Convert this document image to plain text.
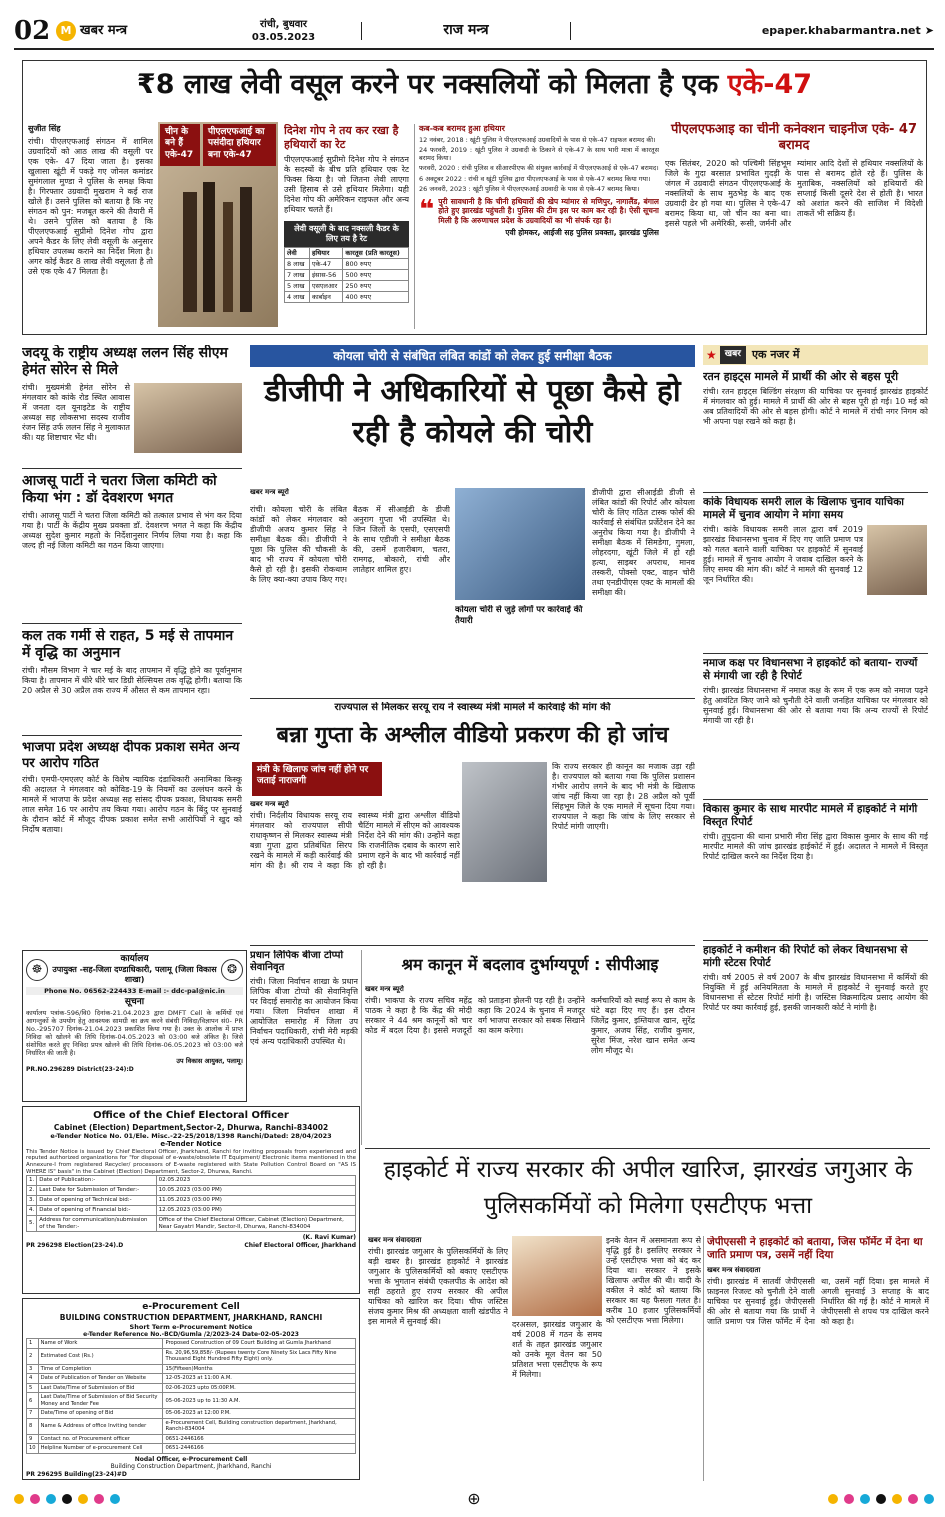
02 M खबर मन्त्र	रांची, बुधवार
03.05.2023	राज मन्त्र	epaper.khabarmantra.net ➤
₹8 लाख लेवी वसूल करने पर नक्सलियों को मिलता है एक एके-47
सुजीत सिंह
रांची। पीएलएफआई संगठन में शामिल उग्रवादियों को आठ लाख की वसूली पर एक एके- 47 दिया जाता है। इसका खुलासा खूंटी में पकड़े गए जोनल कमांडर सुमंगलाल मुण्डा ने पुलिस के समक्ष किया है। गिरफ्तार उग्रवादी मुखराम ने कई राज खोले हैं। उसने पुलिस को बताया है कि नए संगठन को पुन: मजबूत करने की तैयारी में थे। उसने पुलिस को बताया है कि पीएलएफआई सुप्रीमो दिनेश गोप द्वारा अपने कैडर के लिए लेवी वसूली के अनुसार हथियार उपलब्ध कराने का निर्देश मिला है। अगर कोई कैडर 8 लाख लेवी वसूलता है तो उसे एक एके 47 मिलता है।
चीन के बने हैं एके-47
पीएलएफआई का पसंदीदा हथियार बना एके-47
दिनेश गोप ने तय कर रखा है हथियारों का रेट
पीएलएफआई सुप्रीमो दिनेश गोप ने संगठन के सदस्यों के बीच प्रति हथियार एक रेट फिक्स किया है। जो जितना लेवी लाएगा उसी हिसाब से उसे हथियार मिलेगा। यही दिनेश गोप की अमेरिकन राइफल और अन्य हथियार चलते हैं।
लेवी वसूली के बाद नक्सली कैडर के लिए तय है रेट
लेवी	हथियार	कारतूस (प्रति कारतूस)
8 लाख	एके-47	800 रुपए
7 लाख	इंसास-56	500 रुपए
5 लाख	एसएलआर	250 रुपए
4 लाख	कार्बाइन	400 रुपए
कब-कब बरामद हुआ हथियार
12 नवंबर, 2018 : खूंटी पुलिस ने पीएलएफआई उग्रवादियों के पास से एके-47 राइफल बरामद की।
24 फरवरी, 2019 : खूंटी पुलिस ने उग्रवादी के ठिकाने से एके-47 के साथ भारी मात्रा में कारतूस बरामद किया।
फरवरी, 2020 : रांची पुलिस व सीआरपीएफ की संयुक्त कार्रवाई में पीएलएफआई से एके-47 बरामद।
6 अक्टूबर 2022 : रांची व खूंटी पुलिस द्वारा पीएलएफआई के पास से एके-47 बरामद किया गया।
26 जनवरी, 2023 : खूंटी पुलिस ने पीएलएफआई उग्रवादी के पास से एके-47 बरामद किया।
❝ पुरी सावधानी है कि चीनी हथियारों की खेप म्यांमार से मणिपुर, नागालैंड, बंगाल होते हुए झारखंड पहुंचती है। पुलिस की टीम इस पर काम कर रही है। ऐसी सूचना मिली है कि अरुणाचल प्रदेश के उग्रवादियों का भी संपर्क रहा है।
एवी होमकर, आईजी सह पुलिस प्रवक्ता, झारखंड पुलिस
पीएलएफआइ का चीनी कनेक्शन चाइनीज एके- 47 बरामद
एक सितंबर, 2020 को पश्चिमी सिंहभूम जिले के गुदा बरसात प्रभावित गुदड़ी के जंगल में उग्रवादी संगठन पीएलएफआई के नक्सलियों के साथ मुठभेड़ के बाद एक उग्रवादी ढेर हो गया था। पुलिस ने एके-47 बरामद किया था, जो चीन का बना था। इससे पहले भी अमेरिकी, रूसी, जर्मनी और म्यांमार आदि देशों से हथियार नक्सलियों के पास से बरामद होते रहे हैं। पुलिस के मुताबिक, नक्सलियों को हथियारों की सप्लाई किसी दूसरे देश से होती है। भारत को अशांत करने की साजिश में विदेशी ताकतें भी सक्रिय हैं।
जदयू के राष्ट्रीय अध्यक्ष ललन सिंह सीएम हेमंत सोरेन से मिले
रांची। मुख्यमंत्री हेमंत सोरेन से मंगलवार को कांके रोड स्थित आवास में जनता दल यूनाइटेड के राष्ट्रीय अध्यक्ष सह लोकसभा सदस्य राजीव रंजन सिंह उर्फ ललन सिंह ने मुलाकात की। यह शिष्टाचार भेंट थी।
आजसू पार्टी ने चतरा जिला कमिटी को किया भंग : डॉ देवशरण भगत
रांची। आजसू पार्टी ने चतरा जिला कमिटी को तत्काल प्रभाव से भंग कर दिया गया है। पार्टी के केंद्रीय मुख्य प्रवक्ता डॉ. देवशरण भगत ने कहा कि केंद्रीय अध्यक्ष सुदेश कुमार महतो के निर्देशानुसार निर्णय लिया गया है। कहा कि जल्द ही नई जिला कमिटी का गठन किया जाएगा।
कल तक गर्मी से राहत, 5 मई से तापमान में वृद्धि का अनुमान
रांची। मौसम विभाग ने चार मई के बाद तापमान में वृद्धि होने का पूर्वानुमान किया है। तापमान में धीरे धीरे चार डिग्री सेल्सियस तक वृद्धि होगी। बताया कि 20 अप्रैल से 30 अप्रैल तक राज्य में औसत से कम तापमान रहा।
भाजपा प्रदेश अध्यक्ष दीपक प्रकाश समेत अन्य पर आरोप गठित
रांची। एमपी-एमएलए कोर्ट के विशेष न्यायिक दंडाधिकारी अनामिका किस्कू की अदालत ने मंगलवार को कोविड-19 के नियमों का उल्लंघन करने के मामले में भाजपा के प्रदेश अध्यक्ष सह सांसद दीपक प्रकाश, विधायक समरी लाल समेत 16 पर आरोप तय किया गया। आरोप गठन के बिंदु पर सुनवाई के दौरान कोर्ट में मौजूद दीपक प्रकाश समेत सभी आरोपियों ने खुद को निर्दोष बताया।
☸
कार्यालय
उपायुक्त -सह-जिला दण्डाधिकारी, पलामू (जिला विकास शाखा)
❂
Phone No. 06562-224433 E-mail :- ddc-pal@nic.in
सूचना
कार्यालय पत्रांक-596/वि0 दिनांक-21.04.2023 द्वारा DMFT Cell के कर्मियों एवं आगन्तुकों के उपयोग हेतु आवश्यक सामग्री का क्रय करने संबंधी निविदा/विज्ञापन सं0- PR No.-295707 दिनांक-21.04.2023 प्रकाशित किया गया है। उक्त के आलोक में प्राप्त निविदा को खोलने की तिथि दिनांक-04.05.2023 को 03:00 बजे अंकित है। जिसे संशोधित करते हुए निविदा प्रपत्र खोलने की तिथि दिनांक-06.05.2023 को 03:00 बजे निर्धारित की जाती है।
उप विकास आयुक्त, पलामू।
PR.NO.296289 District(23-24):D
Office of the Chief Electoral Officer
Cabinet (Election) Department,Sector-2, Dhurwa, Ranchi-834002
e-Tender Notice No. 01/Ele. Misc.-22-25/2018/1398 Ranchi/Dated: 28/04/2023
e-Tender Notice
This Tender Notice is issued by Chief Electoral Officer, Jharkhand, Ranchi for inviting proposals from experienced and reputed authorized organizations for "for disposal of e-waste/obsolete IT Equipment/ Electronic items mentioned in the Annexure-I from registered Recycler/ processors of E-waste registered with State Pollution Control Board on "AS IS WHERE IS" basis" in the Cabinet (Election) Department, Sector-2, Dhurwa, Ranchi.
1.	Date of Publication:-	02.05.2023
2.	Last Date for Submission of Tender:-	10.05.2023 (03:00 PM)
3.	Date of opening of Technical bid:-	11.05.2023 (03:00 PM)
4.	Date of opening of Financial bid:-	12.05.2023 (03:00 PM)
5.	Address for communication/submission of the Tender:-	Office of the Chief Electoral Officer, Cabinet (Election) Department, Near Gayatri Mandir, Sector-II, Dhurwa, Ranchi-834004
(K. Ravi Kumar)
PR 296298 Election(23-24).D	Chief Electoral Officer, Jharkhand
e-Procurement Cell
BUILDING CONSTRUCTION DEPARTMENT, JHARKHAND, RANCHI
Short Term e-Procurement Notice
e-Tender Reference No.-BCD/Gumla /2/2023-24 Date-02-05-2023
1	Name of Work	Proposed Construction of 09 Court Building at Gumla Jharkhand
2	Estimated Cost (Rs.)	Rs. 20,96,59,858/- (Rupees twenty Core Ninety Six Lacs Fifty Nine Thousand Eight Hundred Fifty Eight) only.
3	Time of Completion	15(Fifteen)Months
4	Date of Publication of Tender on Website	12-05-2023 at 11:00 A.M.
5	Last Date/Time of Submission of Bid	02-06-2023 upto 05:00P.M.
6	Last Date/Time of Submission of Bid Security Money and Tender Fee	05-06-2023 up to 11:30 A.M.
7	Date/Time of opening of Bid	05-06-2023 at 12:00 P.M.
8	Name & Address of office Inviting tender	e-Procurement Cell, Building construction department, Jharkhand, Ranchi-834004
9	Contact no. of Procurement officer	0651-2446166
10	Helpline Number of e-procurement Cell	0651-2446166
Nodal Officer, e-Procurement Cell
Building Construction Department, Jharkhand, Ranchi
PR 296295 Building(23-24)#D
कोयला चोरी से संबंधित लंबित कांडों को लेकर हुई समीक्षा बैठक
डीजीपी ने अधिकारियों से पूछा कैसे हो रही है कोयले की चोरी
खबर मन्त्र ब्यूरो
रांची। कोयला चोरी के लंबित कांडों को लेकर मंगलवार को डीजीपी अजय कुमार सिंह ने समीक्षा बैठक की। डीजीपी ने पूछा कि पुलिस की चौकसी के बाद भी राज्य में कोयला चोरी कैसे हो रही है। इसकी रोकथाम के लिए क्या-क्या उपाय किए गए। बैठक में सीआईडी के डीजी अनुराग गुप्ता भी उपस्थित थे। जिन जिलों के एसपी, एसएसपी के साथ एडीजी ने समीक्षा बैठक की, उसमें हजारीबाग, चतरा, रामगढ़, बोकारो, रांची और लातेहार शामिल हुए।
कोयला चोरी से जुड़े लोगों पर कार्रवाई की तैयारी
डीजीपी द्वारा सीआईडी डीजी से लंबित कांडों की रिपोर्ट और कोयला चोरी के लिए गठित टास्क फोर्स की कार्रवाई से संबंधित प्रजेंटेशन देने का अनुरोध किया गया है। डीजीपी ने समीक्षा बैठक में सिमडेगा, गुमला, लोहरदगा, खूंटी जिले में हो रही हत्या, साइबर अपराध, मानव तस्करी, पोक्सो एक्ट, वाहन चोरी तथा एनडीपीएस एक्ट के मामलों की समीक्षा की।
राज्यपाल से मिलकर सरयू राय ने स्वास्थ्य मंत्री मामले में कार्रवाई की मांग की
बन्ना गुप्ता के अश्लील वीडियो प्रकरण की हो जांच
मंत्री के खिलाफ जांच नहीं होने पर जताई नाराजगी
खबर मन्त्र ब्यूरो
रांची। निर्दलीय विधायक सरयू राय मंगलवार को राज्यपाल सीपी राधाकृष्णन से मिलकर स्वास्थ्य मंत्री बन्ना गुप्ता द्वारा प्रतिबंधित सिरप रखने के मामले में कड़ी कार्रवाई की मांग की है। श्री राय ने कहा कि स्वास्थ्य मंत्री द्वारा अश्लील वीडियो चैटिंग मामले में सीएम को आवश्यक निर्देश देने की मांग की। उन्होंने कहा कि राजनीतिक दबाव के कारण सारे प्रमाण रहने के बाद भी कार्रवाई नहीं हो रही है।
कि राज्य सरकार ही कानून का मजाक उड़ा रही है। राज्यपाल को बताया गया कि पुलिस प्रशासन गंभीर आरोप लगने के बाद भी मंत्री के खिलाफ जांच नहीं किया जा रहा है। 28 अप्रैल को पूर्वी सिंहभूम जिले के एक मामले में सूचना दिया गया। राज्यपाल ने कहा कि जांच के लिए सरकार से रिपोर्ट मांगी जाएगी।
प्रधान लिपिक बीजा टोप्पो सेवानिवृत
रांची। जिला निर्वाचन शाखा के प्रधान लिपिक बीजा टोप्पो की सेवानिवृत्ति पर विदाई समारोह का आयोजन किया गया। जिला निर्वाचन शाखा में आयोजित समारोह में जिला उप निर्वाचन पदाधिकारी, रांची मेरी मड़की एवं अन्य पदाधिकारी उपस्थित थे।
श्रम कानून में बदलाव दुर्भाग्यपूर्ण : सीपीआइ
खबर मन्त्र ब्यूरो
रांची। भाकपा के राज्य सचिव महेंद्र पाठक ने कहा है कि केंद्र की मोदी सरकार ने 44 श्रम कानूनों को चार कोड में बदल दिया है। इससे मजदूरों को प्रताड़ना झेलनी पड़ रही है। उन्होंने कहा कि 2024 के चुनाव में मजदूर वर्ग भाजपा सरकार को सबक सिखाने का काम करेगा।
कर्मचारियों को स्थाई रूप से काम के घंटे बढ़ा दिए गए हैं। इस दौरान जिलेंद्र कुमार, इम्तियाज खान, सुरेंद्र कुमार, अजय सिंह, राजीव कुमार, सुरेश मिंज, नरेश खान समेत अन्य लोग मौजूद थे।
★ खबर	एक नजर में
रतन हाइट्स मामले में प्रार्थी की ओर से बहस पूरी
रांची। रतन हाइट्स बिल्डिंग संरक्षण की याचिका पर सुनवाई झारखंड हाइकोर्ट में मंगलवार को हुई। मामले में प्रार्थी की ओर से बहस पूरी हो गई। 10 मई को अब प्रतिवादियों की ओर से बहस होगी। कोर्ट ने मामले में रांची नगर निगम को भी अपना पक्ष रखने को कहा है।
कांके विधायक समरी लाल के खिलाफ चुनाव याचिका मामले में चुनाव आयोग ने मांगा समय
रांची। कांके विधायक समरी लाल द्वारा वर्ष 2019 झारखंड विधानसभा चुनाव में दिए गए जाति प्रमाण पत्र को गलत बताने वाली याचिका पर हाइकोर्ट में सुनवाई हुई। मामले में चुनाव आयोग ने जवाब दाखिल करने के लिए समय की मांग की। कोर्ट ने मामले की सुनवाई 12 जून निर्धारित की।
नमाज कक्ष पर विधानसभा ने हाइकोर्ट को बताया- राज्यों से मंगायी जा रही है रिपोर्ट
रांची। झारखंड विधानसभा में नमाज कक्ष के रूम में एक रूम को नमाज पढ़ने हेतु आवंटित किए जाने को चुनौती देने वाली जनहित याचिका पर मंगलवार को सुनवाई हुई। विधानसभा की ओर से बताया गया कि अन्य राज्यों से रिपोर्ट मंगायी जा रही है।
विकास कुमार के साथ मारपीट मामले में हाइकोर्ट ने मांगी विस्तृत रिपोर्ट
रांची। तुपुदाना की थाना प्रभारी मीरा सिंह द्वारा विकास कुमार के साथ की गई मारपीट मामले की जांच झारखंड हाईकोर्ट में हुई। अदालत ने मामले में विस्तृत रिपोर्ट दाखिल करने का निर्देश दिया है।
हाइकोर्ट ने कमीशन की रिपोर्ट को लेकर विधानसभा से मांगी स्टेटस रिपोर्ट
रांची। वर्ष 2005 से वर्ष 2007 के बीच झारखंड विधानसभा में कर्मियों की नियुक्ति में हुई अनियमितता के मामले में हाइकोर्ट ने सुनवाई करते हुए विधानसभा से स्टेटस रिपोर्ट मांगी है। जस्टिस विक्रमादित्य प्रसाद आयोग की रिपोर्ट पर क्या कार्रवाई हुई, इसकी जानकारी कोर्ट ने मांगी है।
हाइकोर्ट में राज्य सरकार की अपील खारिज, झारखंड जगुआर के पुलिसकर्मियों को मिलेगा एसटीएफ भत्ता
खबर मन्त्र संवाददाता
रांची। झारखंड जगुआर के पुलिसकर्मियों के लिए बड़ी खबर है। झारखंड हाइकोर्ट ने झारखंड जगुआर के पुलिसकर्मियों को बकाए एसटीएफ भत्ता के भुगतान संबंधी एकलपीठ के आदेश को सही ठहराते हुए राज्य सरकार की अपील याचिका को खारिज कर दिया। चीफ जस्टिस संजय कुमार मिश्र की अध्यक्षता वाली खंडपीठ ने इस मामले में सुनवाई की।	दरअसल, झारखंड जगुआर के वर्ष 2008 में गठन के समय शर्त के तहत झारखंड जगुआर को उनके मूल वेतन का 50 प्रतिशत भत्ता एसटीएफ के रूप में मिलेगा।
इनके वेतन में असमानता रूप से वृद्धि हुई है। इसलिए सरकार ने उन्हें एसटीएफ भत्ता को बंद कर दिया था। सरकार ने इसके खिलाफ अपील की थी। वादी के वकील ने कोर्ट को बताया कि सरकार का यह फैसला गलत है। करीब 10 हजार पुलिसकर्मियों को एसटीएफ भत्ता मिलेगा।
जेपीएससी ने हाइकोर्ट को बताया, जिस फॉर्मेट में देना था जाति प्रमाण पत्र, उसमें नहीं दिया
खबर मन्त्र संवाददाता
रांची। झारखंड में सातवीं जेपीएससी फ़ाइनल रिजल्ट को चुनौती देने वाली याचिका पर सुनवाई हुई। जेपीएससी की ओर से बताया गया कि प्रार्थी ने जाति प्रमाण पत्र जिस फॉर्मेट में देना था, उसमें नहीं दिया। इस मामले में अगली सुनवाई 3 सप्ताह के बाद निर्धारित की गई है। कोर्ट ने मामले में जेपीएससी से शपथ पत्र दाखिल करने को कहा है।
⊕
